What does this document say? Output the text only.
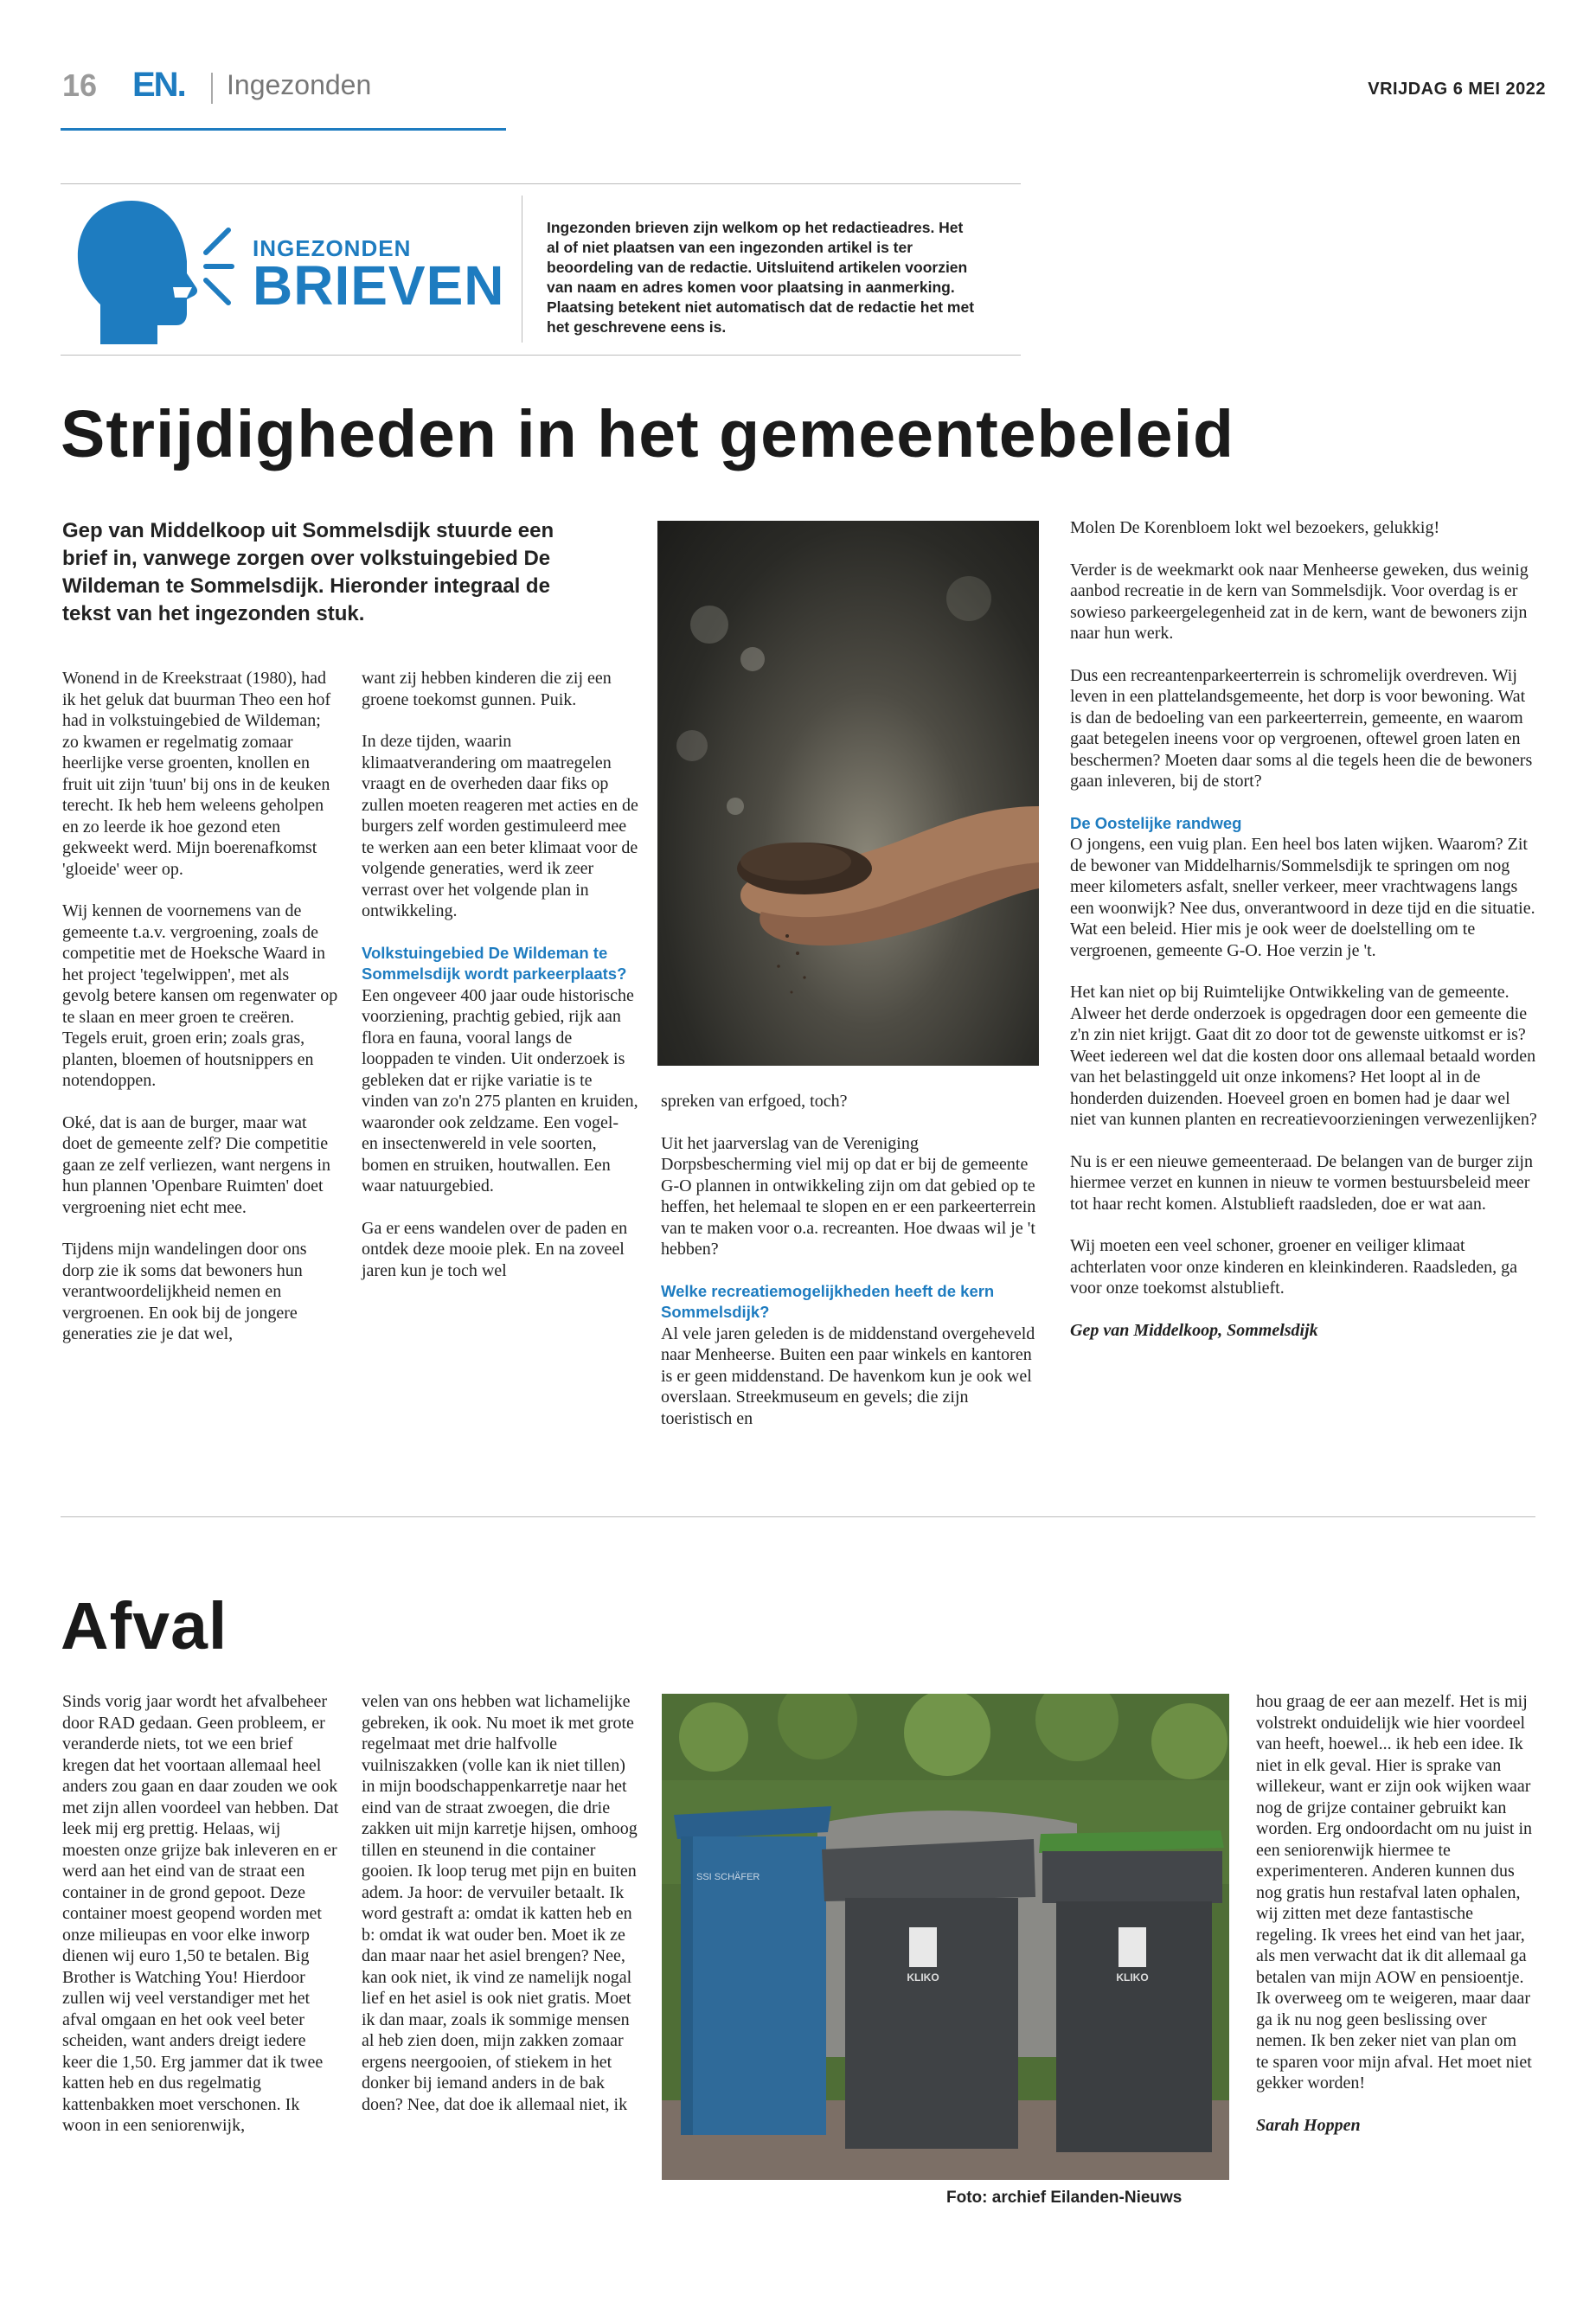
16 EN. Ingezonden	VRIJDAG 6 MEI 2022
INGEZONDEN
BRIEVEN
Ingezonden brieven zijn welkom op het redactieadres. Het al of niet plaatsen van een ingezonden artikel is ter beoordeling van de redactie. Uitsluitend artikelen voorzien van naam en adres komen voor plaatsing in aanmerking. Plaatsing betekent niet automatisch dat de redactie het met het geschrevene eens is.
Strijdigheden in het gemeentebeleid
Gep van Middelkoop uit Sommelsdijk stuurde een brief in, vanwege zorgen over volkstuingebied De Wildeman te Sommelsdijk. Hieronder integraal de tekst van het ingezonden stuk.

Wonend in de Kreekstraat (1980), had ik het geluk dat buurman Theo een hof had in volkstuingebied de Wildeman; zo kwamen er regelmatig zomaar heerlijke verse groenten, knollen en fruit uit zijn 'tuun' bij ons in de keuken terecht. Ik heb hem weleens geholpen en zo leerde ik hoe gezond eten gekweekt werd. Mijn boerenafkomst 'gloeide' weer op.

Wij kennen de voornemens van de gemeente t.a.v. vergroening, zoals de competitie met de Hoeksche Waard in het project 'tegelwippen', met als gevolg betere kansen om regenwater op te slaan en meer groen te creëren. Tegels eruit, groen erin; zoals gras, planten, bloemen of houtsnippers en notendoppen.

Oké, dat is aan de burger, maar wat doet de gemeente zelf? Die competitie gaan ze zelf verliezen, want nergens in hun plannen 'Openbare Ruimten' doet vergroening niet echt mee.

Tijdens mijn wandelingen door ons dorp zie ik soms dat bewoners hun verantwoordelijkheid nemen en vergroenen. En ook bij de jongere generaties zie je dat wel,

want zij hebben kinderen die zij een groene toekomst gunnen. Puik.

In deze tijden, waarin klimaatverandering om maatregelen vraagt en de overheden daar fiks op zullen moeten reageren met acties en de burgers zelf worden gestimuleerd mee te werken aan een beter klimaat voor de volgende generaties, werd ik zeer verrast over het volgende plan in ontwikkeling.

Volkstuingebied De Wildeman te Sommelsdijk wordt parkeerplaats?

Een ongeveer 400 jaar oude historische voorziening, prachtig gebied, rijk aan flora en fauna, vooral langs de looppaden te vinden. Uit onderzoek is gebleken dat er rijke variatie is te vinden van zo'n 275 planten en kruiden, waaronder ook zeldzame. Een vogel- en insectenwereld in vele soorten, bomen en struiken, houtwallen. Een waar natuurgebied.

Ga er eens wandelen over de paden en ontdek deze mooie plek. En na zoveel jaren kun je toch wel

spreken van erfgoed, toch?

Uit het jaarverslag van de Vereniging Dorpsbescherming viel mij op dat er bij de gemeente G-O plannen in ontwikkeling zijn om dat gebied op te heffen, het helemaal te slopen en er een parkeerterrein van te maken voor o.a. recreanten. Hoe dwaas wil je 't hebben?

Welke recreatiemogelijkheden heeft de kern Sommelsdijk?

Al vele jaren geleden is de middenstand overgeheveld naar Menheerse. Buiten een paar winkels en kantoren is er geen middenstand. De havenkom kun je ook wel overslaan. Streekmuseum en gevels; die zijn toeristisch en

Molen De Korenbloem lokt wel bezoekers, gelukkig!

Verder is de weekmarkt ook naar Menheerse geweken, dus weinig aanbod recreatie in de kern van Sommelsdijk. Voor overdag is er sowieso parkeergelegenheid zat in de kern, want de bewoners zijn naar hun werk.

Dus een recreantenparkeerterrein is schromelijk overdreven. Wij leven in een plattelandsgemeente, het dorp is voor bewoning. Wat is dan de bedoeling van een parkeerterrein, gemeente, en waarom gaat betegelen ineens voor op vergroenen, oftewel groen laten en beschermen? Moeten daar soms al die tegels heen die de bewoners gaan inleveren, bij de stort?

De Oostelijke randweg

O jongens, een vuig plan. Een heel bos laten wijken. Waarom? Zit de bewoner van Middelharnis/Sommelsdijk te springen om nog meer kilometers asfalt, sneller verkeer, meer vrachtwagens langs een woonwijk? Nee dus, onverantwoord in deze tijd en die situatie. Wat een beleid. Hier mis je ook weer de doelstelling om te vergroenen, gemeente G-O. Hoe verzin je 't.

Het kan niet op bij Ruimtelijke Ontwikkeling van de gemeente. Alweer het derde onderzoek is opgedragen door een gemeente die z'n zin niet krijgt. Gaat dit zo door tot de gewenste uitkomst er is? Weet iedereen wel dat die kosten door ons allemaal betaald worden van het belastinggeld uit onze inkomens? Het loopt al in de honderden duizenden. Hoeveel groen en bomen had je daar wel niet van kunnen planten en recreatievoorzieningen verwezenlijken?

Nu is er een nieuwe gemeenteraad. De belangen van de burger zijn hiermee verzet en kunnen in nieuw te vormen bestuursbeleid meer tot haar recht komen. Alstublieft raadsleden, doe er wat aan.

Wij moeten een veel schoner, groener en veiliger klimaat achterlaten voor onze kinderen en kleinkinderen. Raadsleden, ga voor onze toekomst alstublieft.

Gep van Middelkoop, Sommelsdijk
Afval

Sinds vorig jaar wordt het afvalbeheer door RAD gedaan. Geen probleem, er veranderde niets, tot we een brief kregen dat het voortaan allemaal heel anders zou gaan en daar zouden we ook met zijn allen voordeel van hebben. Dat leek mij erg prettig. Helaas, wij moesten onze grijze bak inleveren en er werd aan het eind van de straat een container in de grond gepoot. Deze container moest geopend worden met onze milieupas en voor elke inworp dienen wij euro 1,50 te betalen. Big Brother is Watching You! Hierdoor zullen wij veel verstandiger met het afval omgaan en het ook veel beter scheiden, want anders dreigt iedere keer die 1,50. Erg jammer dat ik twee katten heb en dus regelmatig kattenbakken moet verschonen. Ik woon in een seniorenwijk,

velen van ons hebben wat lichamelijke gebreken, ik ook. Nu moet ik met grote regelmaat met drie halfvolle vuilniszakken (volle kan ik niet tillen) in mijn boodschappenkarretje naar het eind van de straat zwoegen, die drie zakken uit mijn karretje hijsen, omhoog tillen en steunend in die container gooien. Ik loop terug met pijn en buiten adem. Ja hoor: de vervuiler betaalt. Ik word gestraft a: omdat ik katten heb en b: omdat ik wat ouder ben. Moet ik ze dan maar naar het asiel brengen? Nee, kan ook niet, ik vind ze namelijk nogal lief en het asiel is ook niet gratis. Moet ik dan maar, zoals ik sommige mensen al heb zien doen, mijn zakken zomaar ergens neergooien, of stiekem in het donker bij iemand anders in de bak doen? Nee, dat doe ik allemaal niet, ik

SSI SCHÄFER
KLIKO	KLIKO
Foto: archief Eilanden-Nieuws

hou graag de eer aan mezelf. Het is mij volstrekt onduidelijk wie hier voordeel van heeft, hoewel... ik heb een idee. Ik niet in elk geval. Hier is sprake van willekeur, want er zijn ook wijken waar nog de grijze container gebruikt kan worden. Erg ondoordacht om nu juist in een seniorenwijk hiermee te experimenteren. Anderen kunnen dus nog gratis hun restafval laten ophalen, wij zitten met deze fantastische regeling. Ik vrees het eind van het jaar, als men verwacht dat ik dit allemaal ga betalen van mijn AOW en pensioentje. Ik overweeg om te weigeren, maar daar ga ik nu nog geen beslissing over nemen. Ik ben zeker niet van plan om te sparen voor mijn afval. Het moet niet gekker worden!

Sarah Hoppen
